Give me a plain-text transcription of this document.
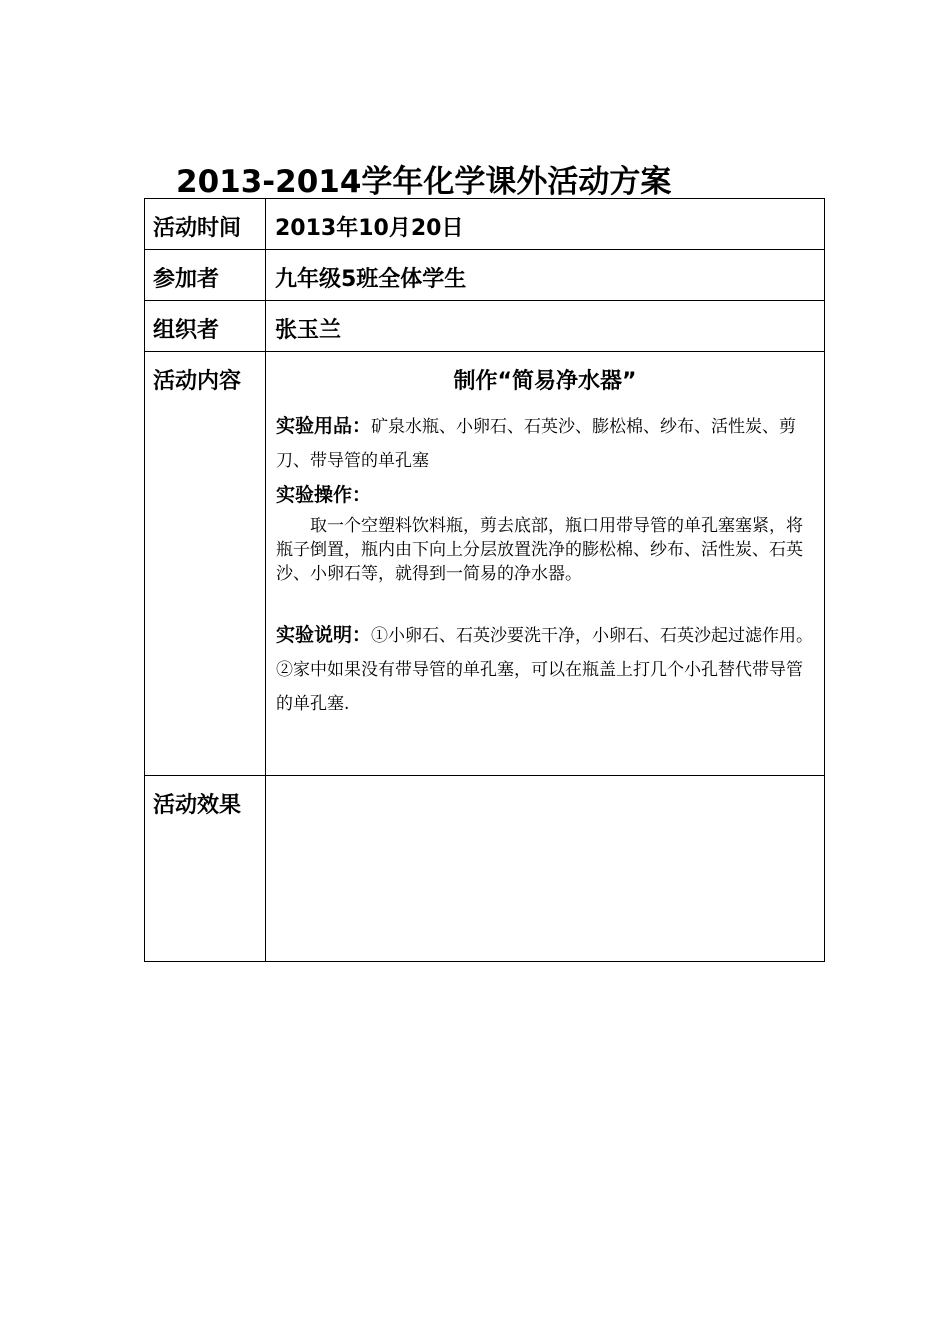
2013-2014学年化学课外活动方案
活动时间	2013年10月20日

参加者	九年级5班全体学生

组织者	张玉兰

活动内容	制作“简易净水器”

实验用品：矿泉水瓶、小卵石、石英沙、膨松棉、纱布、活性炭、剪刀、带导管的单孔塞

实验操作：

取一个空塑料饮料瓶，剪去底部，瓶口用带导管的单孔塞塞紧，将瓶子倒置，瓶内由下向上分层放置洗净的膨松棉、纱布、活性炭、石英沙、小卵石等，就得到一简易的净水器。

实验说明：①小卵石、石英沙要洗干净，小卵石、石英沙起过滤作用。②家中如果没有带导管的单孔塞，可以在瓶盖上打几个小孔替代带导管的单孔塞.

活动效果	
